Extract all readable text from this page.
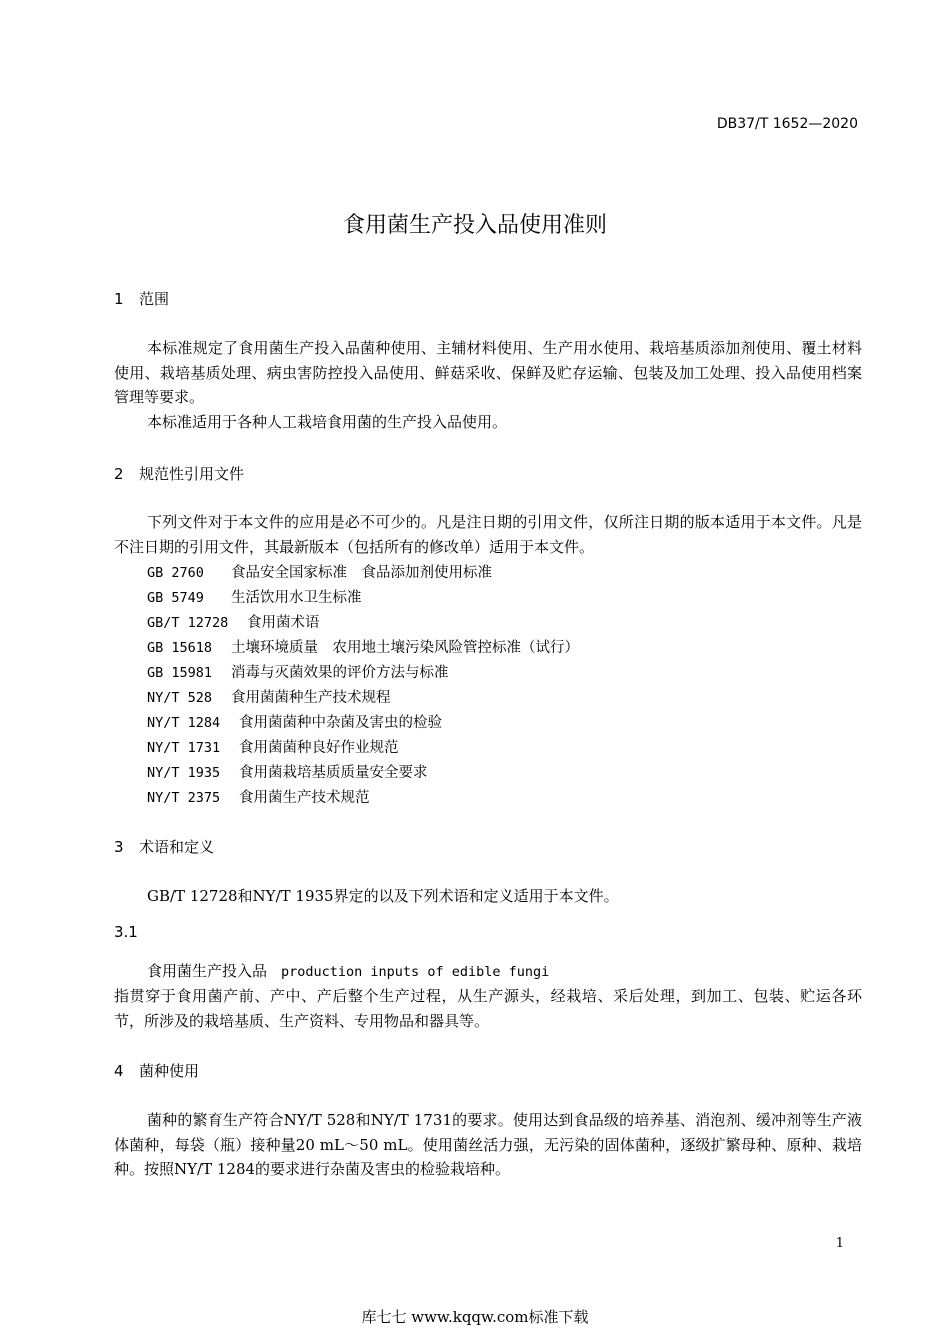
DB37/T 1652—2020
食用菌生产投入品使用准则
1 范围

本标准规定了食用菌生产投入品菌种使用、主辅材料使用、生产用水使用、栽培基质添加剂使用、覆土材料使用、栽培基质处理、病虫害防控投入品使用、鲜菇采收、保鲜及贮存运输、包装及加工处理、投入品使用档案管理等要求。

本标准适用于各种人工栽培食用菌的生产投入品使用。

2 规范性引用文件

下列文件对于本文件的应用是必不可少的。凡是注日期的引用文件，仅所注日期的版本适用于本文件。凡是不注日期的引用文件，其最新版本（包括所有的修改单）适用于本文件。

GB 2760 食品安全国家标准　食品添加剂使用标准
GB 5749 生活饮用水卫生标准
GB/T 12728 食用菌术语
GB 15618 土壤环境质量　农用地土壤污染风险管控标准（试行）
GB 15981 消毒与灭菌效果的评价方法与标准
NY/T 528 食用菌菌种生产技术规程
NY/T 1284 食用菌菌种中杂菌及害虫的检验
NY/T 1731 食用菌菌种良好作业规范
NY/T 1935 食用菌栽培基质质量安全要求
NY/T 2375 食用菌生产技术规范
3 术语和定义

GB/T 12728和NY/T 1935界定的以及下列术语和定义适用于本文件。

3.1
食用菌生产投入品 production inputs of edible fungi

指贯穿于食用菌产前、产中、产后整个生产过程，从生产源头，经栽培、采后处理，到加工、包装、贮运各环节，所涉及的栽培基质、生产资料、专用物品和器具等。

4 菌种使用

菌种的繁育生产符合NY/T 528和NY/T 1731的要求。使用达到食品级的培养基、消泡剂、缓冲剂等生产液体菌种，每袋（瓶）接种量20 mL～50 mL。使用菌丝活力强，无污染的固体菌种，逐级扩繁母种、原种、栽培种。按照NY/T 1284的要求进行杂菌及害虫的检验栽培种。

1
库七七 www.kqqw.com标准下载
